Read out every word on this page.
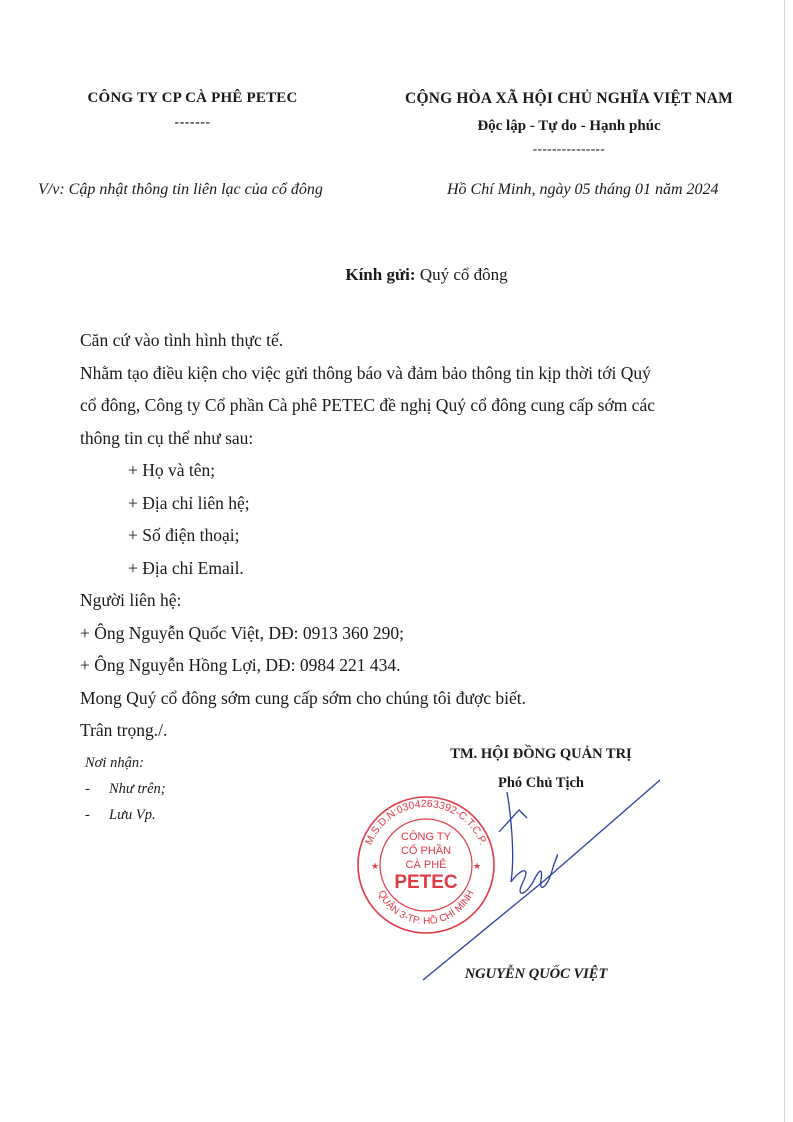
CÔNG TY CP CÀ PHÊ PETEC
-------
CỘNG HÒA XÃ HỘI CHỦ NGHĨA VIỆT NAM
Độc lập - Tự do - Hạnh phúc
---------------
V/v: Cập nhật thông tin liên lạc của cổ đông	Hồ Chí Minh, ngày 05 tháng 01 năm 2024
Kính gửi: Quý cổ đông
Căn cứ vào tình hình thực tế.
Nhằm tạo điều kiện cho việc gửi thông báo và đảm bảo thông tin kịp thời tới Quý
cổ đông, Công ty Cổ phần Cà phê PETEC đề nghị Quý cổ đông cung cấp sớm các
thông tin cụ thể như sau:
+ Họ và tên;
+ Địa chỉ liên hệ;
+ Số điện thoại;
+ Địa chỉ Email.
Người liên hệ:
+ Ông Nguyễn Quốc Việt, DĐ: 0913 360 290;
+ Ông Nguyễn Hồng Lợi, DĐ: 0984 221 434.
Mong Quý cổ đông sớm cung cấp sớm cho chúng tôi được biết.
Trân trọng./.
Nơi nhận:
- Như trên;
- Lưu Vp.
TM. HỘI ĐỒNG QUẢN TRỊ
Phó Chủ Tịch
M.S.D.N:0304263392-C.T.C.P.
QUẬN 3-TP. HỒ CHÍ MINH
★	★
CÔNG TY
CỔ PHẦN
CÀ PHÊ
PETEC
NGUYỄN QUỐC VIỆT
